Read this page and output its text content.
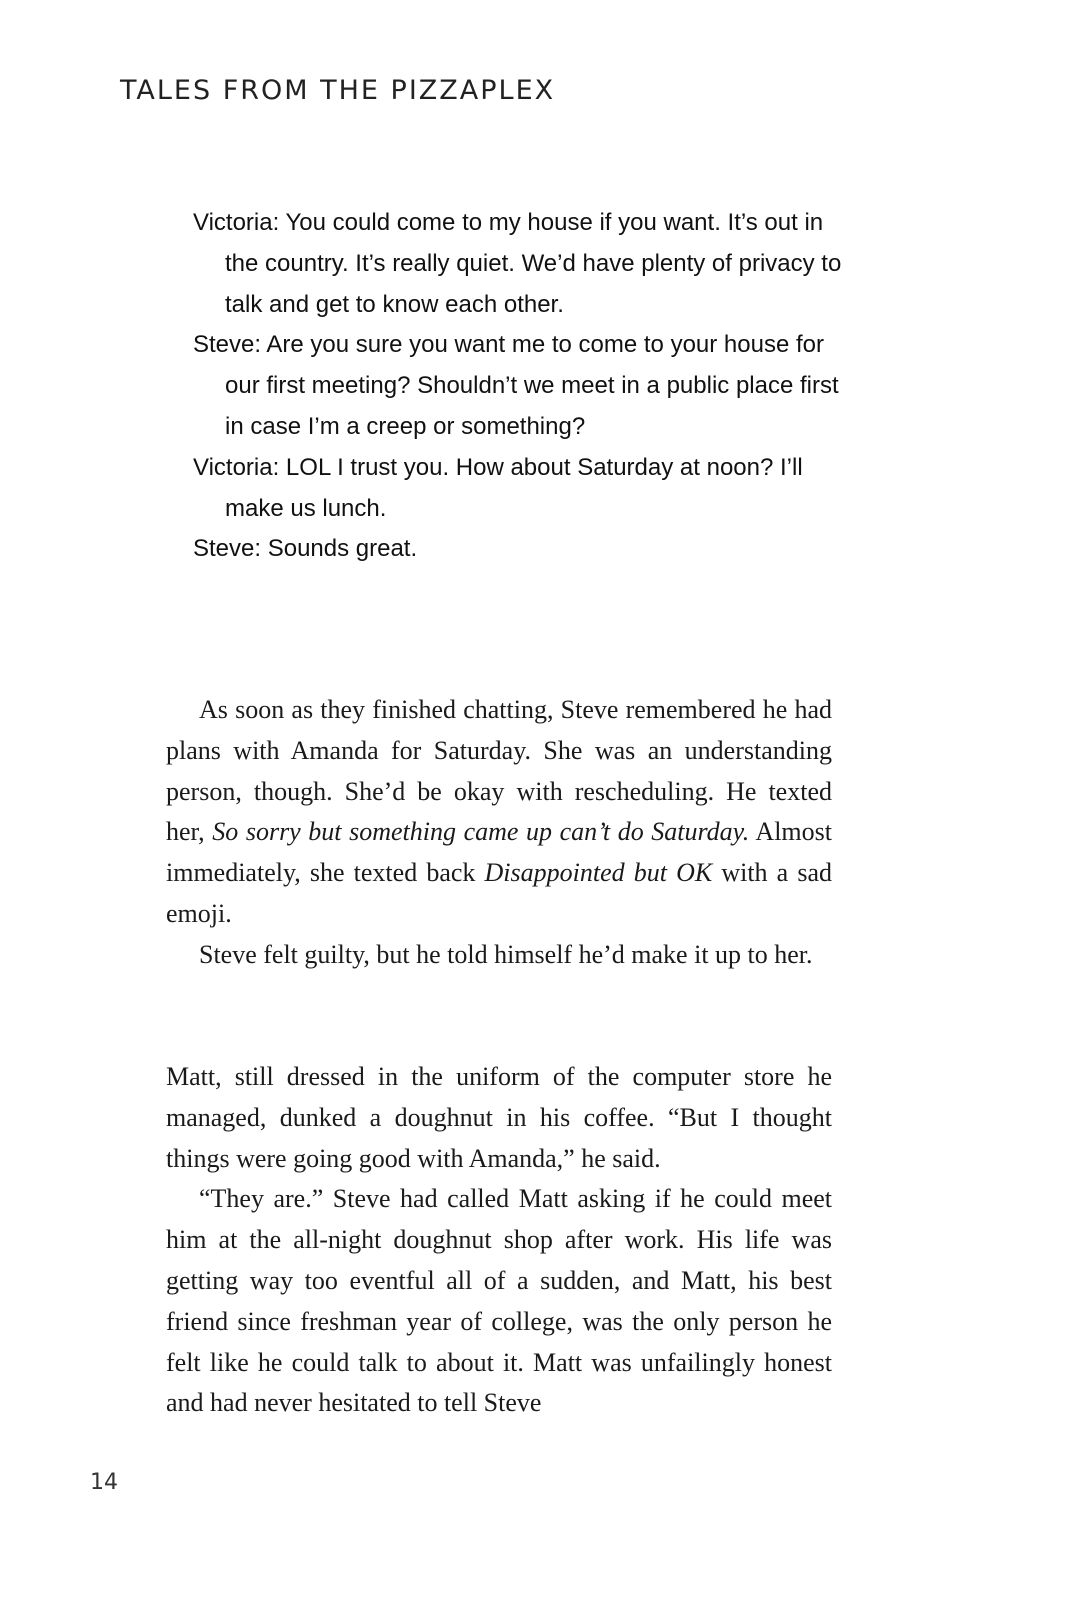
TALES FROM THE PIZZAPLEX

Victoria: You could come to my house if you want. It’s out in the country. It’s really quiet. We’d have plenty of privacy to talk and get to know each other.

Steve: Are you sure you want me to come to your house for our first meeting? Shouldn’t we meet in a public place first in case I’m a creep or something?

Victoria: LOL I trust you. How about Saturday at noon? I’ll make us lunch.

Steve: Sounds great.

As soon as they finished chatting, Steve remembered he had plans with Amanda for Saturday. She was an understanding person, though. She’d be okay with rescheduling. He texted her, So sorry but something came up can’t do Saturday. Almost immediately, she texted back Disappointed but OK with a sad emoji.

Steve felt guilty, but he told himself he’d make it up to her.

Matt, still dressed in the uniform of the computer store he managed, dunked a doughnut in his coffee. “But I thought things were going good with Amanda,” he said.

“They are.” Steve had called Matt asking if he could meet him at the all-night doughnut shop after work. His life was getting way too eventful all of a sudden, and Matt, his best friend since freshman year of college, was the only person he felt like he could talk to about it. Matt was unfailingly honest and had never hesitated to tell Steve

14
